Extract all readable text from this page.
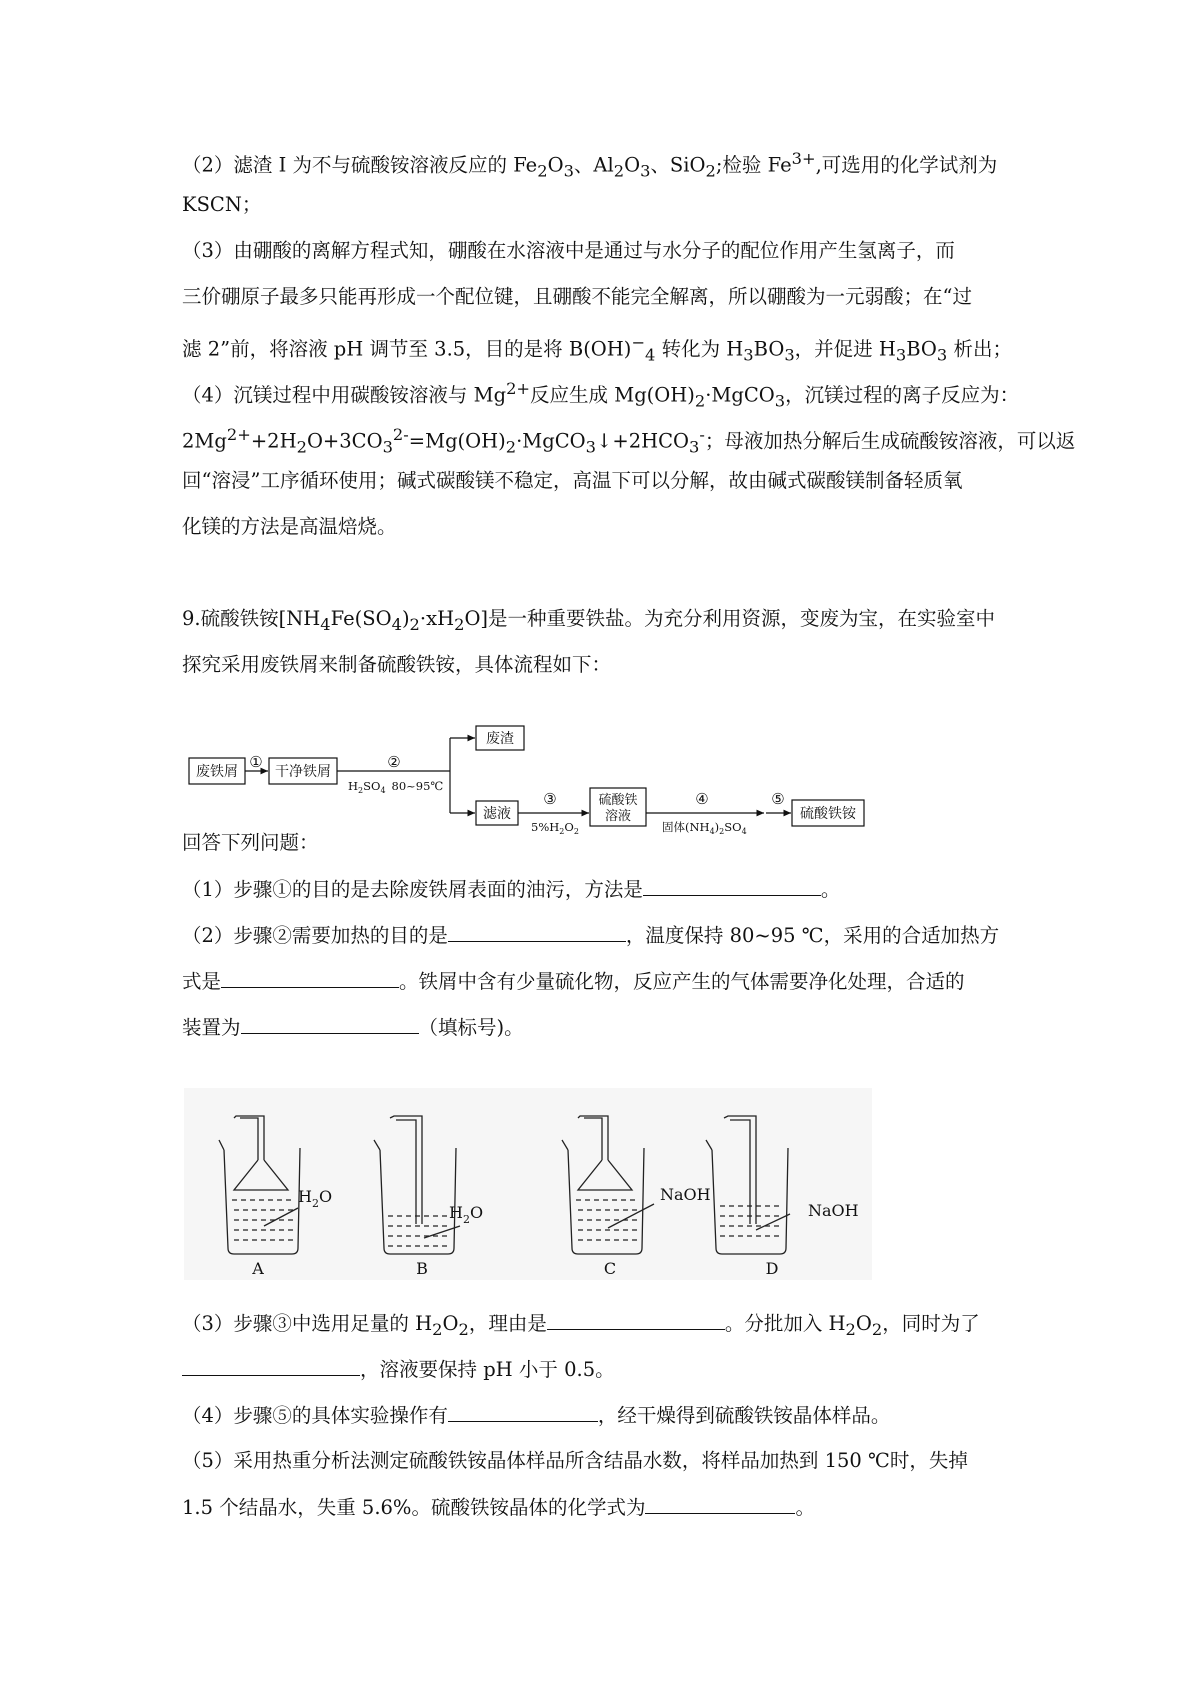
（2）滤渣 I 为不与硫酸铵溶液反应的 $Fe_2O_3$、$Al_2O_3$、SiO$_2$;检验 $Fe^{3+}$,可选用的化学试剂为
KSCN；
（3）由硼酸的离解方程式知，硼酸在水溶液中是通过与水分子的配位作用产生氢离子，而
三价硼原子最多只能再形成一个配位键，且硼酸不能完全解离，所以硼酸为一元弱酸；在“过
滤 2”前，将溶液 pH 调节至 3.5，目的是将 $B(OH)^-_4$ 转化为 $H_3BO_3$，并促进 $H_3BO_3$ 析出；
（4）沉镁过程中用碳酸铵溶液与 $Mg^{2+}$反应生成 $Mg(OH)_2\cdot MgCO_3$，沉镁过程的离子反应为：
$2Mg^{2+}+2H_2O+3CO_3^{2-}=Mg(OH)_2\cdot MgCO_3↓+2HCO_3^-$；母液加热分解后生成硫酸铵溶液，可以返
回“溶浸”工序循环使用；碱式碳酸镁不稳定，高温下可以分解，故由碱式碳酸镁制备轻质氧
化镁的方法是高温焙烧。
9.硫酸铁铵$[NH_4Fe(SO_4)_2\cdot xH_2O]$是一种重要铁盐。为充分利用资源，变废为宝，在实验室中
探究采用废铁屑来制备硫酸铁铵，具体流程如下：
废铁屑	干净铁屑
废渣
滤液
硫酸铁
溶液	硫酸铁铵
①	②
③	④	⑤
$H_2SO_4$ 80~95℃
$5\%H_2O_2$	固体$(NH_4)_2SO_4$
回答下列问题：
（1）步骤①的目的是去除废铁屑表面的油污，方法是	。
（2）步骤②需要加热的目的是	，温度保持 80~95 ℃，采用的合适加热方
式是	。铁屑中含有少量硫化物，反应产生的气体需要净化处理，合适的
装置为	（填标号)。
$H_2O$
$H_2O$
NaOH
NaOH
A	B	C	D
（3）步骤③中选用足量的 $H_2O_2$，理由是	。分批加入 $H_2O_2$，同时为了
，溶液要保持 pH 小于 0.5。
（4）步骤⑤的具体实验操作有	，经干燥得到硫酸铁铵晶体样品。
（5）采用热重分析法测定硫酸铁铵晶体样品所含结晶水数，将样品加热到 150 ℃时，失掉
1.5 个结晶水，失重 5.6%。硫酸铁铵晶体的化学式为	。
